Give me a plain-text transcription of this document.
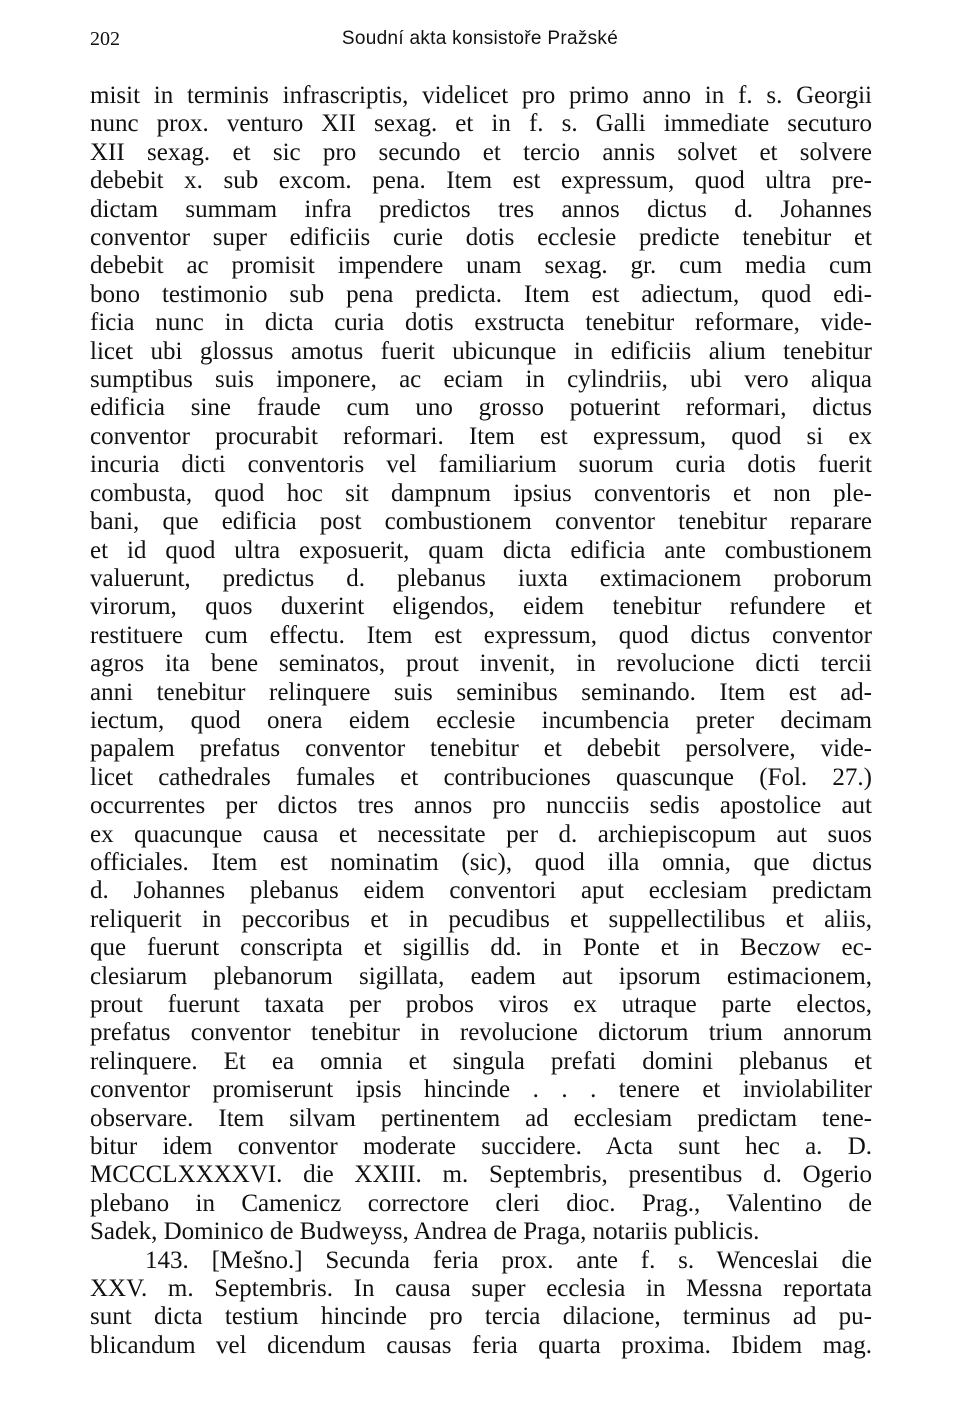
202	Soudní akta konsistoře Pražské
misit in terminis infrascriptis, videlicet pro primo anno in f. s. Georgii
nunc prox. venturo XII sexag. et in f. s. Galli immediate secuturo
XII sexag. et sic pro secundo et tercio annis solvet et solvere
debebit x. sub excom. pena. Item est expressum, quod ultra pre-
dictam summam infra predictos tres annos dictus d. Johannes
conventor super edificiis curie dotis ecclesie predicte tenebitur et
debebit ac promisit impendere unam sexag. gr. cum media cum
bono testimonio sub pena predicta. Item est adiectum, quod edi-
ficia nunc in dicta curia dotis exstructa tenebitur reformare, vide-
licet ubi glossus amotus fuerit ubicunque in edificiis alium tenebitur
sumptibus suis imponere, ac eciam in cylindriis, ubi vero aliqua
edificia sine fraude cum uno grosso potuerint reformari, dictus
conventor procurabit reformari. Item est expressum, quod si ex
incuria dicti conventoris vel familiarium suorum curia dotis fuerit
combusta, quod hoc sit dampnum ipsius conventoris et non ple-
bani, que edificia post combustionem conventor tenebitur reparare
et id quod ultra exposuerit, quam dicta edificia ante combustionem
valuerunt, predictus d. plebanus iuxta extimacionem proborum
virorum, quos duxerint eligendos, eidem tenebitur refundere et
restituere cum effectu. Item est expressum, quod dictus conventor
agros ita bene seminatos, prout invenit, in revolucione dicti tercii
anni tenebitur relinquere suis seminibus seminando. Item est ad-
iectum, quod onera eidem ecclesie incumbencia preter decimam
papalem prefatus conventor tenebitur et debebit persolvere, vide-
licet cathedrales fumales et contribuciones quascunque (Fol. 27.)
occurrentes per dictos tres annos pro nuncciis sedis apostolice aut
ex quacunque causa et necessitate per d. archiepiscopum aut suos
officiales. Item est nominatim (sic), quod illa omnia, que dictus
d. Johannes plebanus eidem conventori aput ecclesiam predictam
reliquerit in peccoribus et in pecudibus et suppellectilibus et aliis,
que fuerunt conscripta et sigillis dd. in Ponte et in Beczow ec-
clesiarum plebanorum sigillata, eadem aut ipsorum estimacionem,
prout fuerunt taxata per probos viros ex utraque parte electos,
prefatus conventor tenebitur in revolucione dictorum trium annorum
relinquere. Et ea omnia et singula prefati domini plebanus et
conventor promiserunt ipsis hincinde . . . tenere et inviolabiliter
observare. Item silvam pertinentem ad ecclesiam predictam tene-
bitur idem conventor moderate succidere. Acta sunt hec a. D.
MCCCLXXXXVI. die XXIII. m. Septembris, presentibus d. Ogerio
plebano in Camenicz correctore cleri dioc. Prag., Valentino de
Sadek, Dominico de Budweyss, Andrea de Praga, notariis publicis.
143. [Mešno.] Secunda feria prox. ante f. s. Wenceslai die
XXV. m. Septembris. In causa super ecclesia in Messna reportata
sunt dicta testium hincinde pro tercia dilacione, terminus ad pu-
blicandum vel dicendum causas feria quarta proxima. Ibidem mag.
